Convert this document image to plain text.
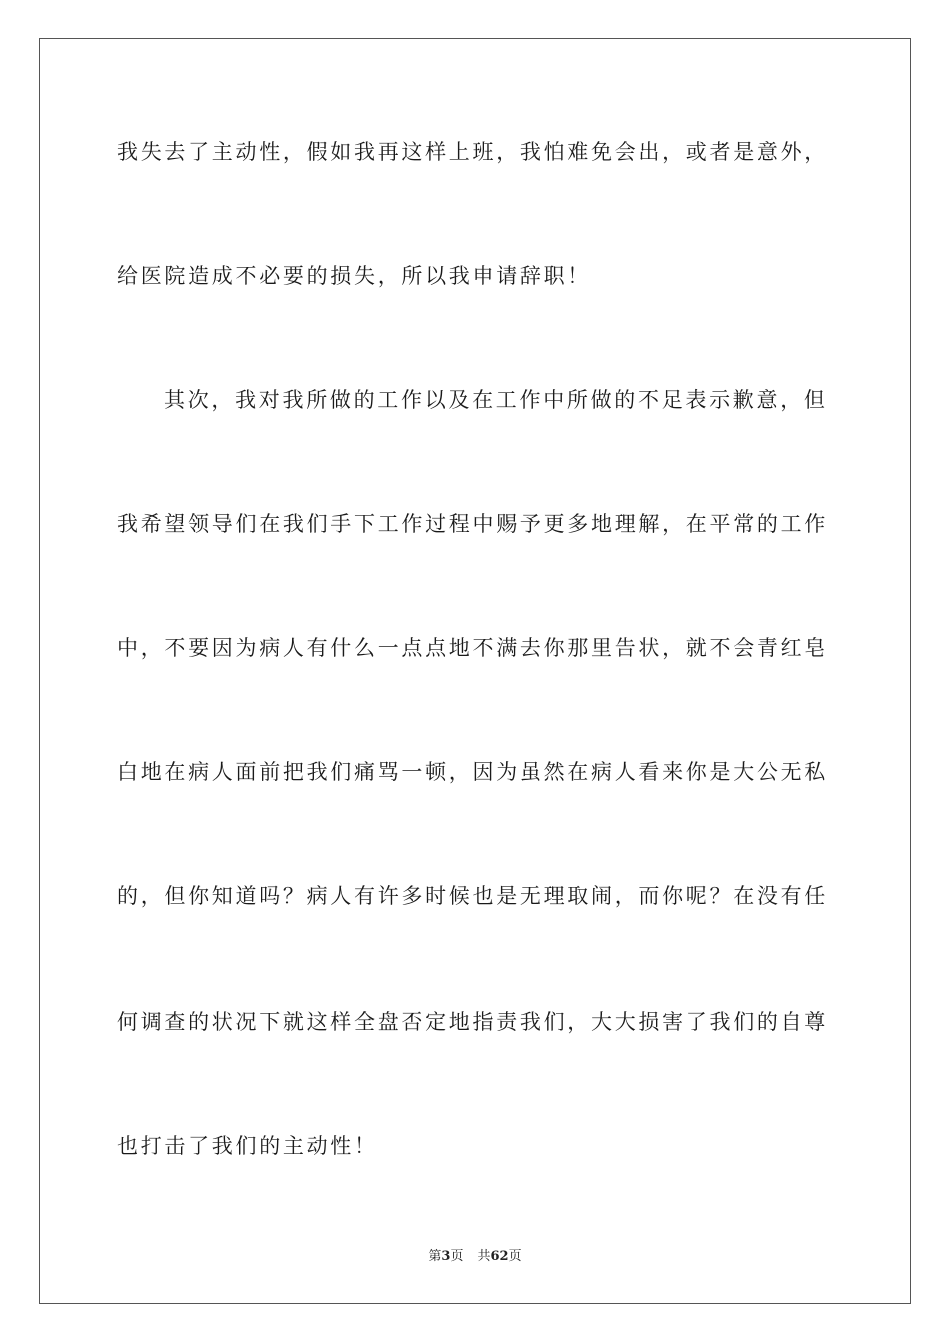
我失去了主动性，假如我再这样上班，我怕难免会出，或者是意外，
给医院造成不必要的损失，所以我申请辞职！
其次，我对我所做的工作以及在工作中所做的不足表示歉意，但
我希望领导们在我们手下工作过程中赐予更多地理解，在平常的工作
中，不要因为病人有什么一点点地不满去你那里告状，就不会青红皂
白地在病人面前把我们痛骂一顿，因为虽然在病人看来你是大公无私
的，但你知道吗？病人有许多时候也是无理取闹，而你呢？在没有任
何调查的状况下就这样全盘否定地指责我们，大大损害了我们的自尊
也打击了我们的主动性！
第3页 共62页
